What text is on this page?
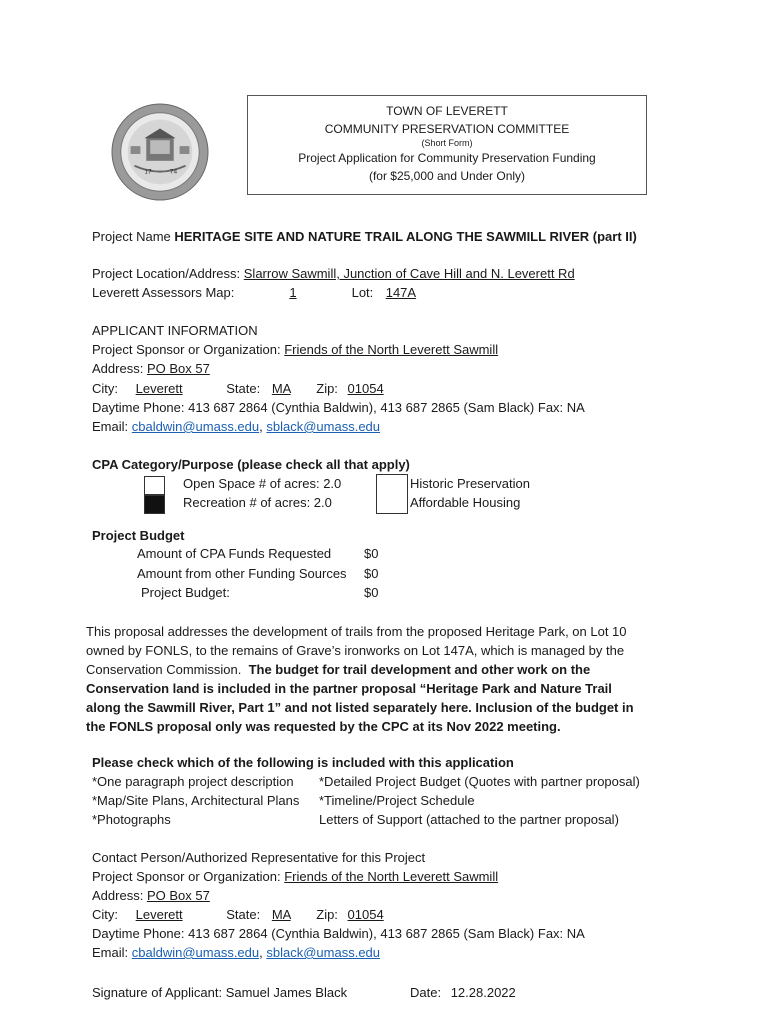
17	74
TOWN OF LEVERETT
COMMUNITY PRESERVATION COMMITTEE
(Short Form)
Project Application for Community Preservation Funding
(for $25,000 and Under Only)
Project Name HERITAGE SITE AND NATURE TRAIL ALONG THE SAWMILL RIVER (part II)
Project Location/Address: Slarrow Sawmill, Junction of Cave Hill and N. Leverett Rd
Leverett Assessors Map:	1	Lot: 147A
APPLICANT INFORMATION
Project Sponsor or Organization: Friends of the North Leverett Sawmill
Address: PO Box 57
City: Leverett	State: MA Zip: 01054
Daytime Phone: 413 687 2864 (Cynthia Baldwin), 413 687 2865 (Sam Black) Fax: NA
Email: cbaldwin@umass.edu, sblack@umass.edu
CPA Category/Purpose (please check all that apply)
Open Space # of acres: 2.0
Recreation # of acres: 2.0
Historic Preservation
Affordable Housing
Project Budget
Amount of CPA Funds Requested	$0
Amount from other Funding Sources $0
Project Budget:	$0
This proposal addresses the development of trails from the proposed Heritage Park, on Lot 10
owned by FONLS, to the remains of Grave’s ironworks on Lot 147A, which is managed by the
Conservation Commission. The budget for trail development and other work on the
Conservation land is included in the partner proposal “Heritage Park and Nature Trail
along the Sawmill River, Part 1” and not listed separately here. Inclusion of the budget in
the FONLS proposal only was requested by the CPC at its Nov 2022 meeting.
Please check which of the following is included with this application
*One paragraph project description *Detailed Project Budget (Quotes with partner proposal)
*Map/Site Plans, Architectural Plans *Timeline/Project Schedule
*Photographs	Letters of Support (attached to the partner proposal)
Contact Person/Authorized Representative for this Project
Project Sponsor or Organization: Friends of the North Leverett Sawmill
Address: PO Box 57
City: Leverett	State: MA Zip: 01054
Daytime Phone: 413 687 2864 (Cynthia Baldwin), 413 687 2865 (Sam Black) Fax: NA
Email: cbaldwin@umass.edu, sblack@umass.edu
Signature of Applicant: Samuel James Black	Date: 12.28.2022
